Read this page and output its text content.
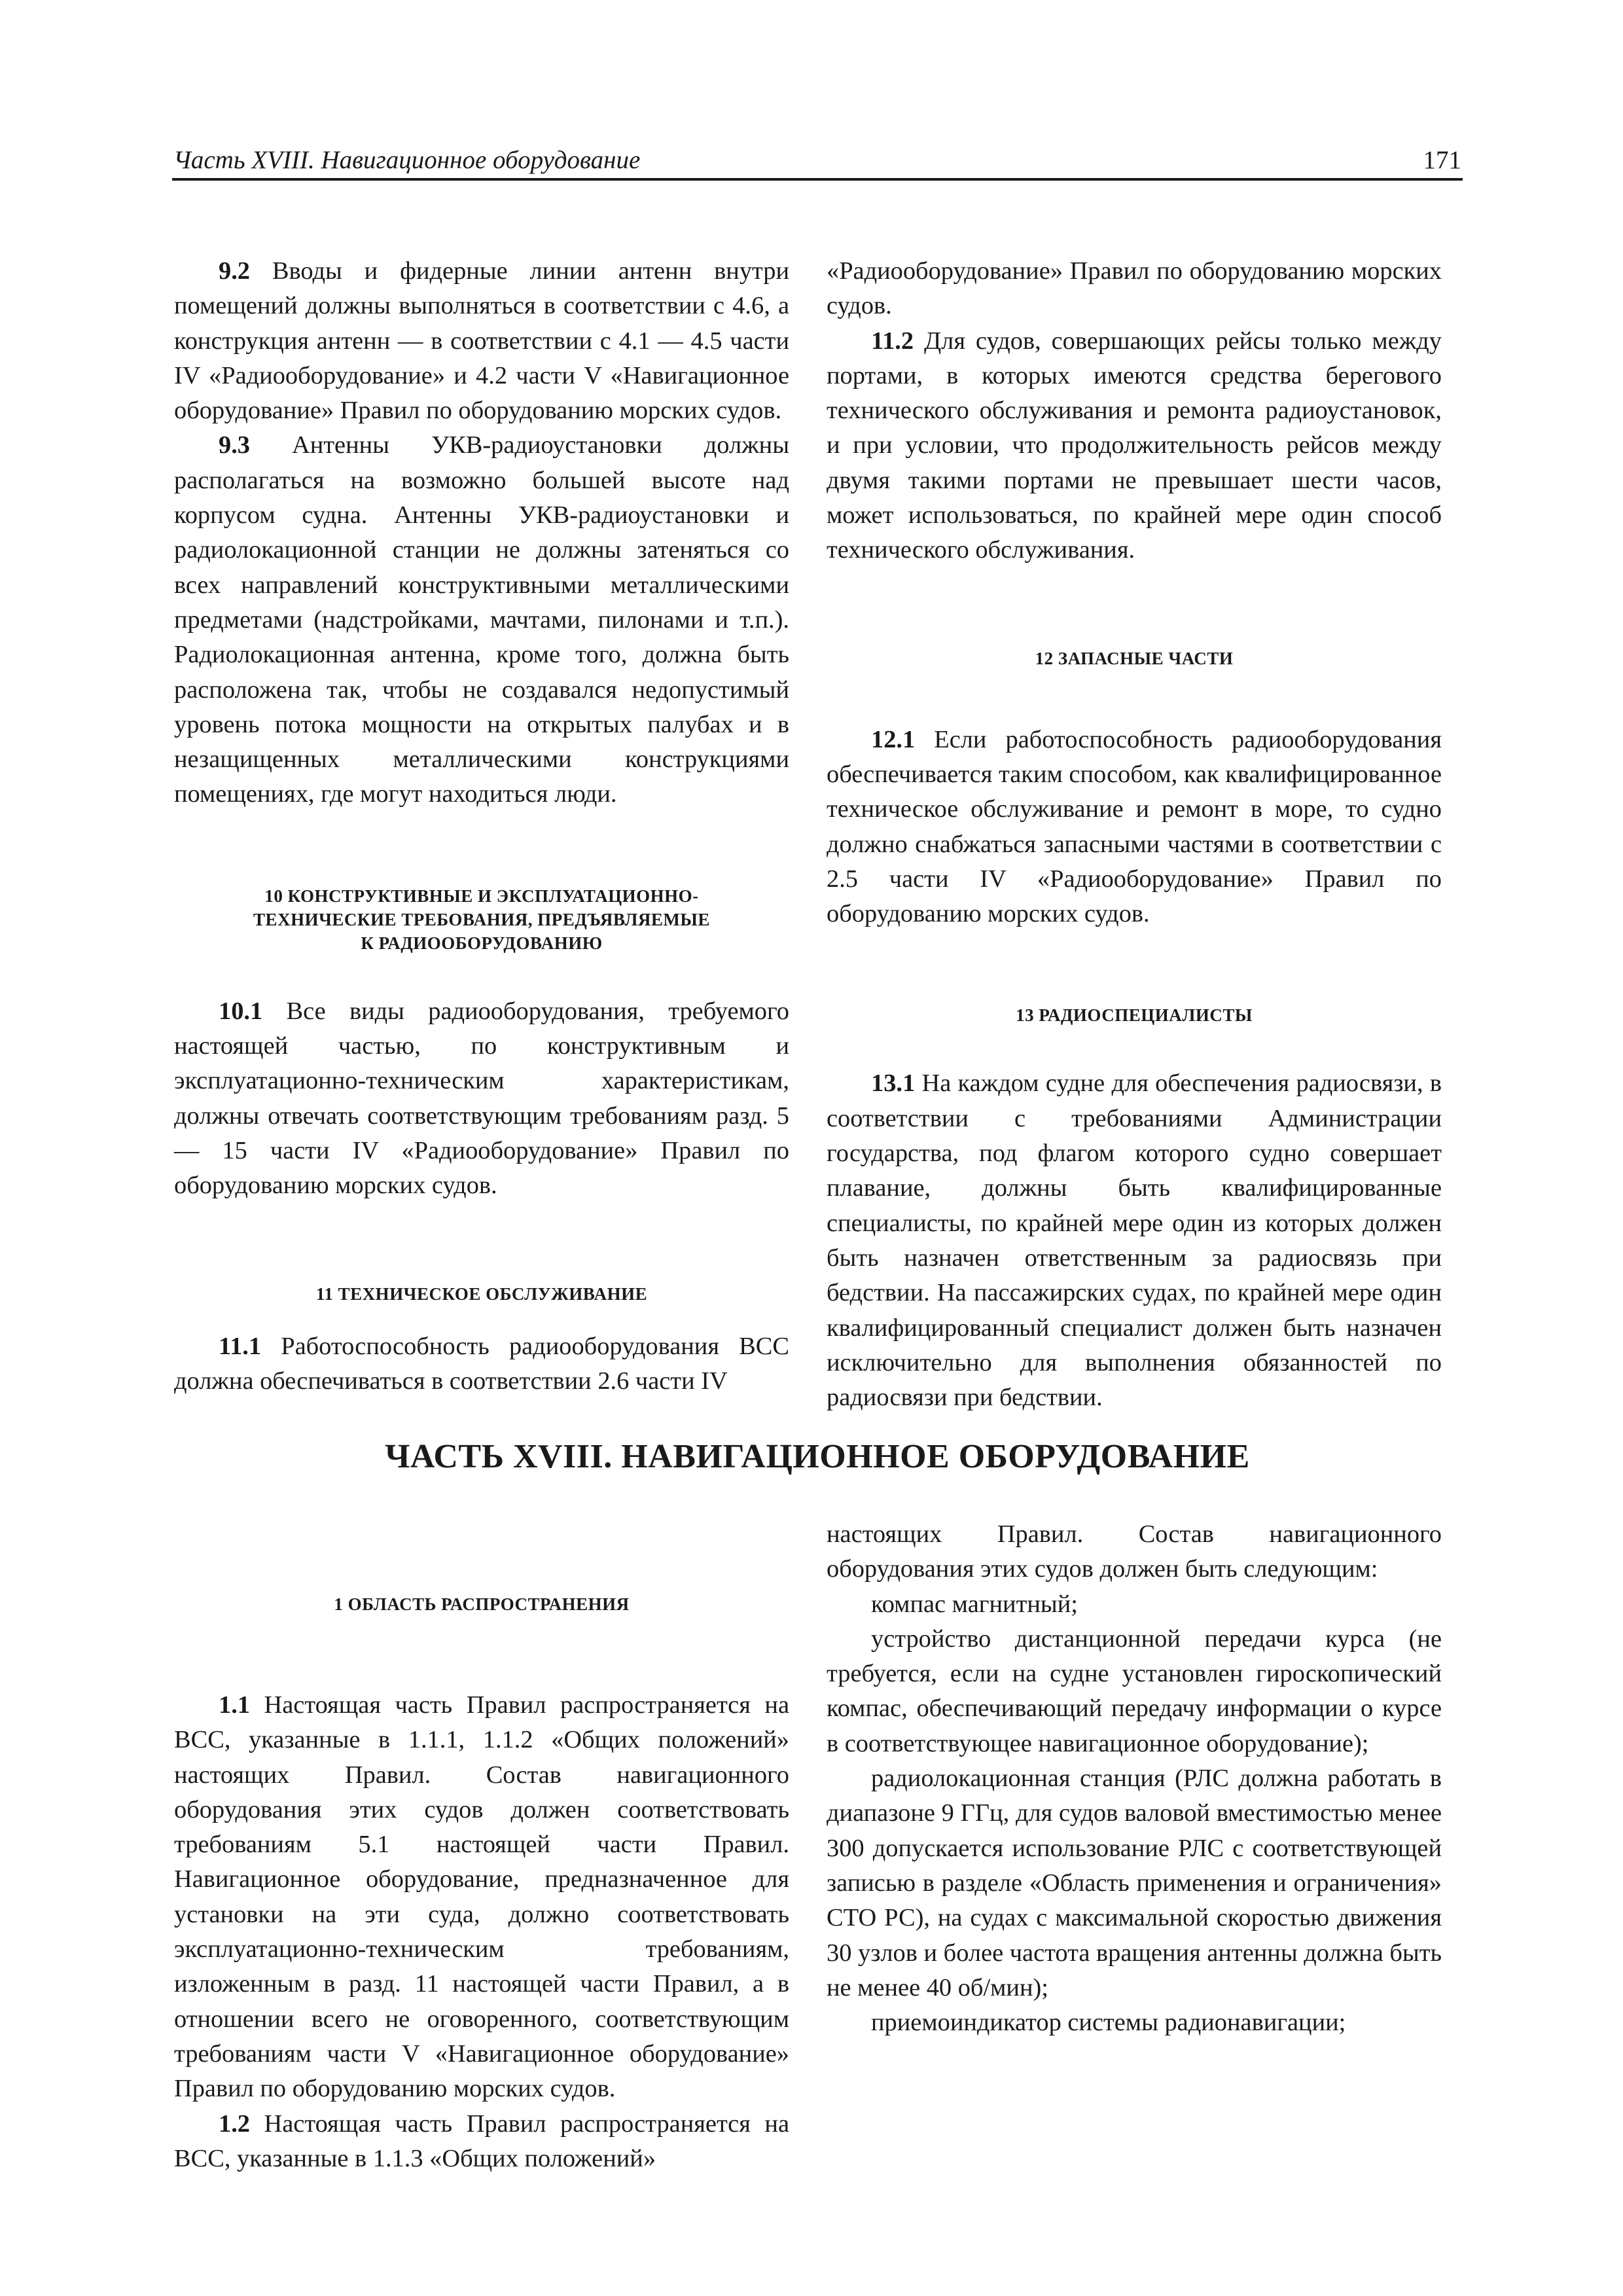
Часть XVIII. Навигационное оборудование	171

9.2 Вводы и фидерные линии антенн внутри помещений должны выполняться в соответствии с 4.6, а конструкция антенн — в соответствии с 4.1 — 4.5 части IV «Радиооборудование» и 4.2 части V «Навигационное оборудование» Правил по оборудованию морских судов.

9.3 Антенны УКВ-радиоустановки должны располагаться на возможно большей высоте над корпусом судна. Антенны УКВ-радиоустановки и радиолокационной станции не должны затеняться со всех направлений конструктивными металлическими предметами (надстройками, мачтами, пилонами и т.п.). Радиолокационная антенна, кроме того, должна быть расположена так, чтобы не создавался недопустимый уровень потока мощности на открытых палубах и в незащищенных металлическими конструкциями помещениях, где могут находиться люди.

10 КОНСТРУКТИВНЫЕ И ЭКСПЛУАТАЦИОННО-
ТЕХНИЧЕСКИЕ ТРЕБОВАНИЯ, ПРЕДЪЯВЛЯЕМЫЕ
К РАДИООБОРУДОВАНИЮ

10.1 Все виды радиооборудования, требуемого настоящей частью, по конструктивным и эксплуатационно-техническим характеристикам, должны отвечать соответствующим требованиям разд. 5 — 15 части IV «Радиооборудование» Правил по оборудованию морских судов.

11 ТЕХНИЧЕСКОЕ ОБСЛУЖИВАНИЕ

11.1 Работоспособность радиооборудования ВСС должна обеспечиваться в соответствии 2.6 части IV

«Радиооборудование» Правил по оборудованию морских судов.

11.2 Для судов, совершающих рейсы только между портами, в которых имеются средства берегового технического обслуживания и ремонта радиоустановок, и при условии, что продолжительность рейсов между двумя такими портами не превышает шести часов, может использоваться, по крайней мере один способ технического обслуживания.

12 ЗАПАСНЫЕ ЧАСТИ

12.1 Если работоспособность радиооборудования обеспечивается таким способом, как квалифицированное техническое обслуживание и ремонт в море, то судно должно снабжаться запасными частями в соответствии с 2.5 части IV «Радиооборудование» Правил по оборудованию морских судов.

13 РАДИОСПЕЦИАЛИСТЫ

13.1 На каждом судне для обеспечения радиосвязи, в соответствии с требованиями Администрации государства, под флагом которого судно совершает плавание, должны быть квалифицированные специалисты, по крайней мере один из которых должен быть назначен ответственным за радиосвязь при бедствии. На пассажирских судах, по крайней мере один квалифицированный специалист должен быть назначен исключительно для выполнения обязанностей по радиосвязи при бедствии.

ЧАСТЬ XVIII. НАВИГАЦИОННОЕ ОБОРУДОВАНИЕ
1 ОБЛАСТЬ РАСПРОСТРАНЕНИЯ

1.1 Настоящая часть Правил распространяется на ВСС, указанные в 1.1.1, 1.1.2 «Общих положений» настоящих Правил. Состав навигационного оборудования этих судов должен соответствовать требованиям 5.1 настоящей части Правил. Навигационное оборудование, предназначенное для установки на эти суда, должно соответствовать эксплуатационно-техническим требованиям, изложенным в разд. 11 настоящей части Правил, а в отношении всего не оговоренного, соответствующим требованиям части V «Навигационное оборудование» Правил по оборудованию морских судов.

1.2 Настоящая часть Правил распространяется на ВСС, указанные в 1.1.3 «Общих положений»

настоящих Правил. Состав навигационного оборудования этих судов должен быть следующим:

компас магнитный;

устройство дистанционной передачи курса (не требуется, если на судне установлен гироскопический компас, обеспечивающий передачу информации о курсе в соответствующее навигационное оборудование);

радиолокационная станция (РЛС должна работать в диапазоне 9 ГГц, для судов валовой вместимостью менее 300 допускается использование РЛС с соответствующей записью в разделе «Область применения и ограничения» СТО РС), на судах с максимальной скоростью движения 30 узлов и более частота вращения антенны должна быть не менее 40 об/мин);

приемоиндикатор системы радионавигации;
